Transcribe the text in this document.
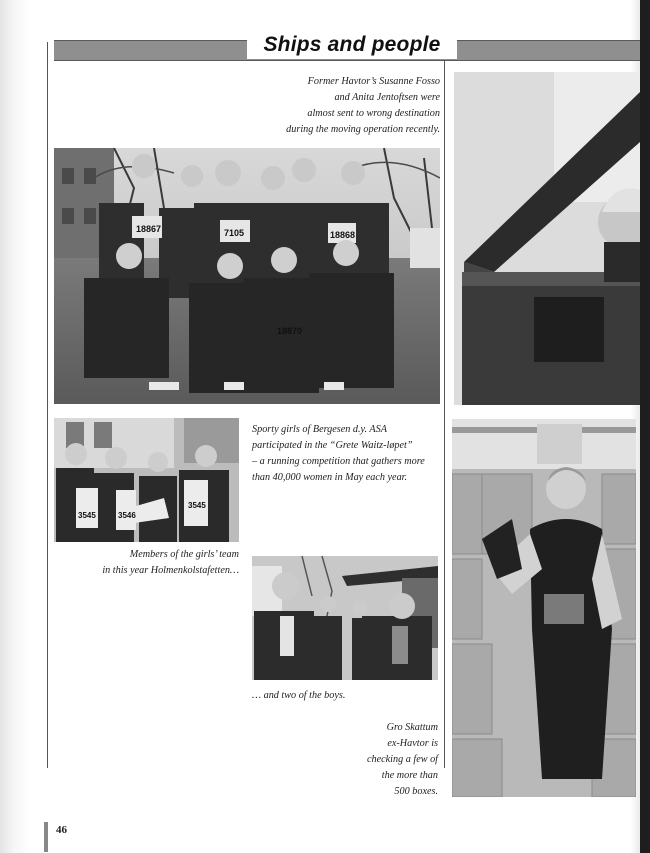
Ships and people
Former Havtor’s Susanne Fosso
and Anita Jentoftsen were
almost sent to wrong destination
during the moving operation recently.
18867	7105	18868
18870
3545	3546
3545
Sporty girls of Bergesen d.y. ASA
participated in the “Grete Waitz-løpet”
– a running competition that gathers more
than 40,000 women in May each year.
Members of the girls’ team
in this year Holmenkolstafetten…
… and two of the boys.
Gro Skattum
ex-Havtor is
checking a few of
the more than
500 boxes.
46
